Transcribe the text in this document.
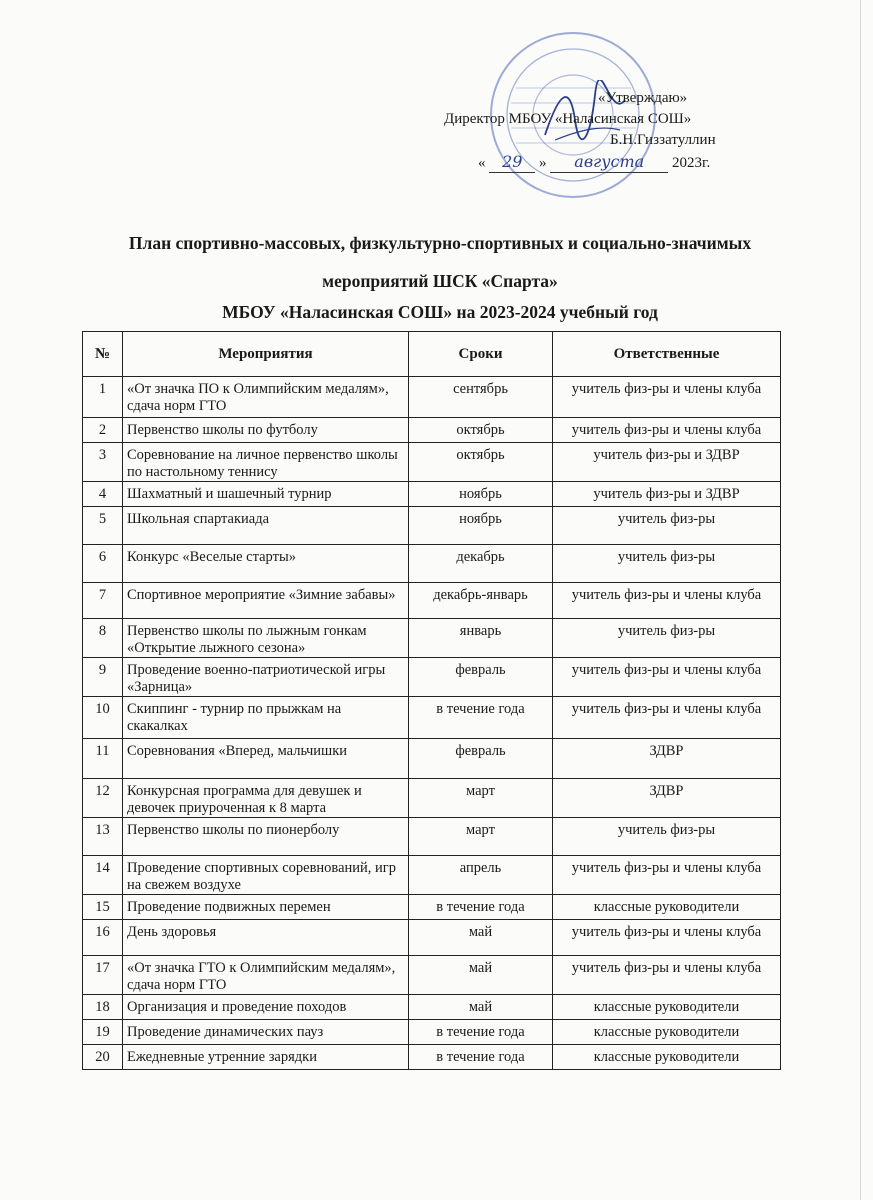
«Утверждаю»
Директор МБОУ «Наласинская СОШ»
Б.Н.Гиззатуллин
« 29 » августа 2023г.
План спортивно-массовых, физкультурно-спортивных и социально-значимых
мероприятий ШСК «Спарта»
МБОУ «Наласинская СОШ» на 2023-2024 учебный год
№	Мероприятия	Сроки	Ответственные
1	«От значка ПО к Олимпийским медалям», сдача норм ГТО	сентябрь	учитель физ-ры и члены клуба
2	Первенство школы по футболу	октябрь	учитель физ-ры и члены клуба
3	Соревнование на личное первенство школы по настольному теннису	октябрь	учитель физ-ры и ЗДВР
4	Шахматный и шашечный турнир	ноябрь	учитель физ-ры и ЗДВР
5	Школьная спартакиада	ноябрь	учитель физ-ры
6	Конкурс «Веселые старты»	декабрь	учитель физ-ры
7	Спортивное мероприятие «Зимние забавы»	декабрь-январь	учитель физ-ры и члены клуба
8	Первенство школы по лыжным гонкам «Открытие лыжного сезона»	январь	учитель физ-ры
9	Проведение военно-патриотической игры «Зарница»	февраль	учитель физ-ры и члены клуба
10	Скиппинг - турнир по прыжкам на скакалках	в течение года	учитель физ-ры и члены клуба
11	Соревнования «Вперед, мальчишки	февраль	ЗДВР
12	Конкурсная программа для девушек и девочек приуроченная к 8 марта	март	ЗДВР
13	Первенство школы по пионерболу	март	учитель физ-ры
14	Проведение спортивных соревнований, игр на свежем воздухе	апрель	учитель физ-ры и члены клуба
15	Проведение подвижных перемен	в течение года	классные руководители
16	День здоровья	май	учитель физ-ры и члены клуба
17	«От значка ГТО к Олимпийским медалям», сдача норм ГТО	май	учитель физ-ры и члены клуба
18	Организация и проведение походов	май	классные руководители
19	Проведение динамических пауз	в течение года	классные руководители
20	Ежедневные утренние зарядки	в течение года	классные руководители
